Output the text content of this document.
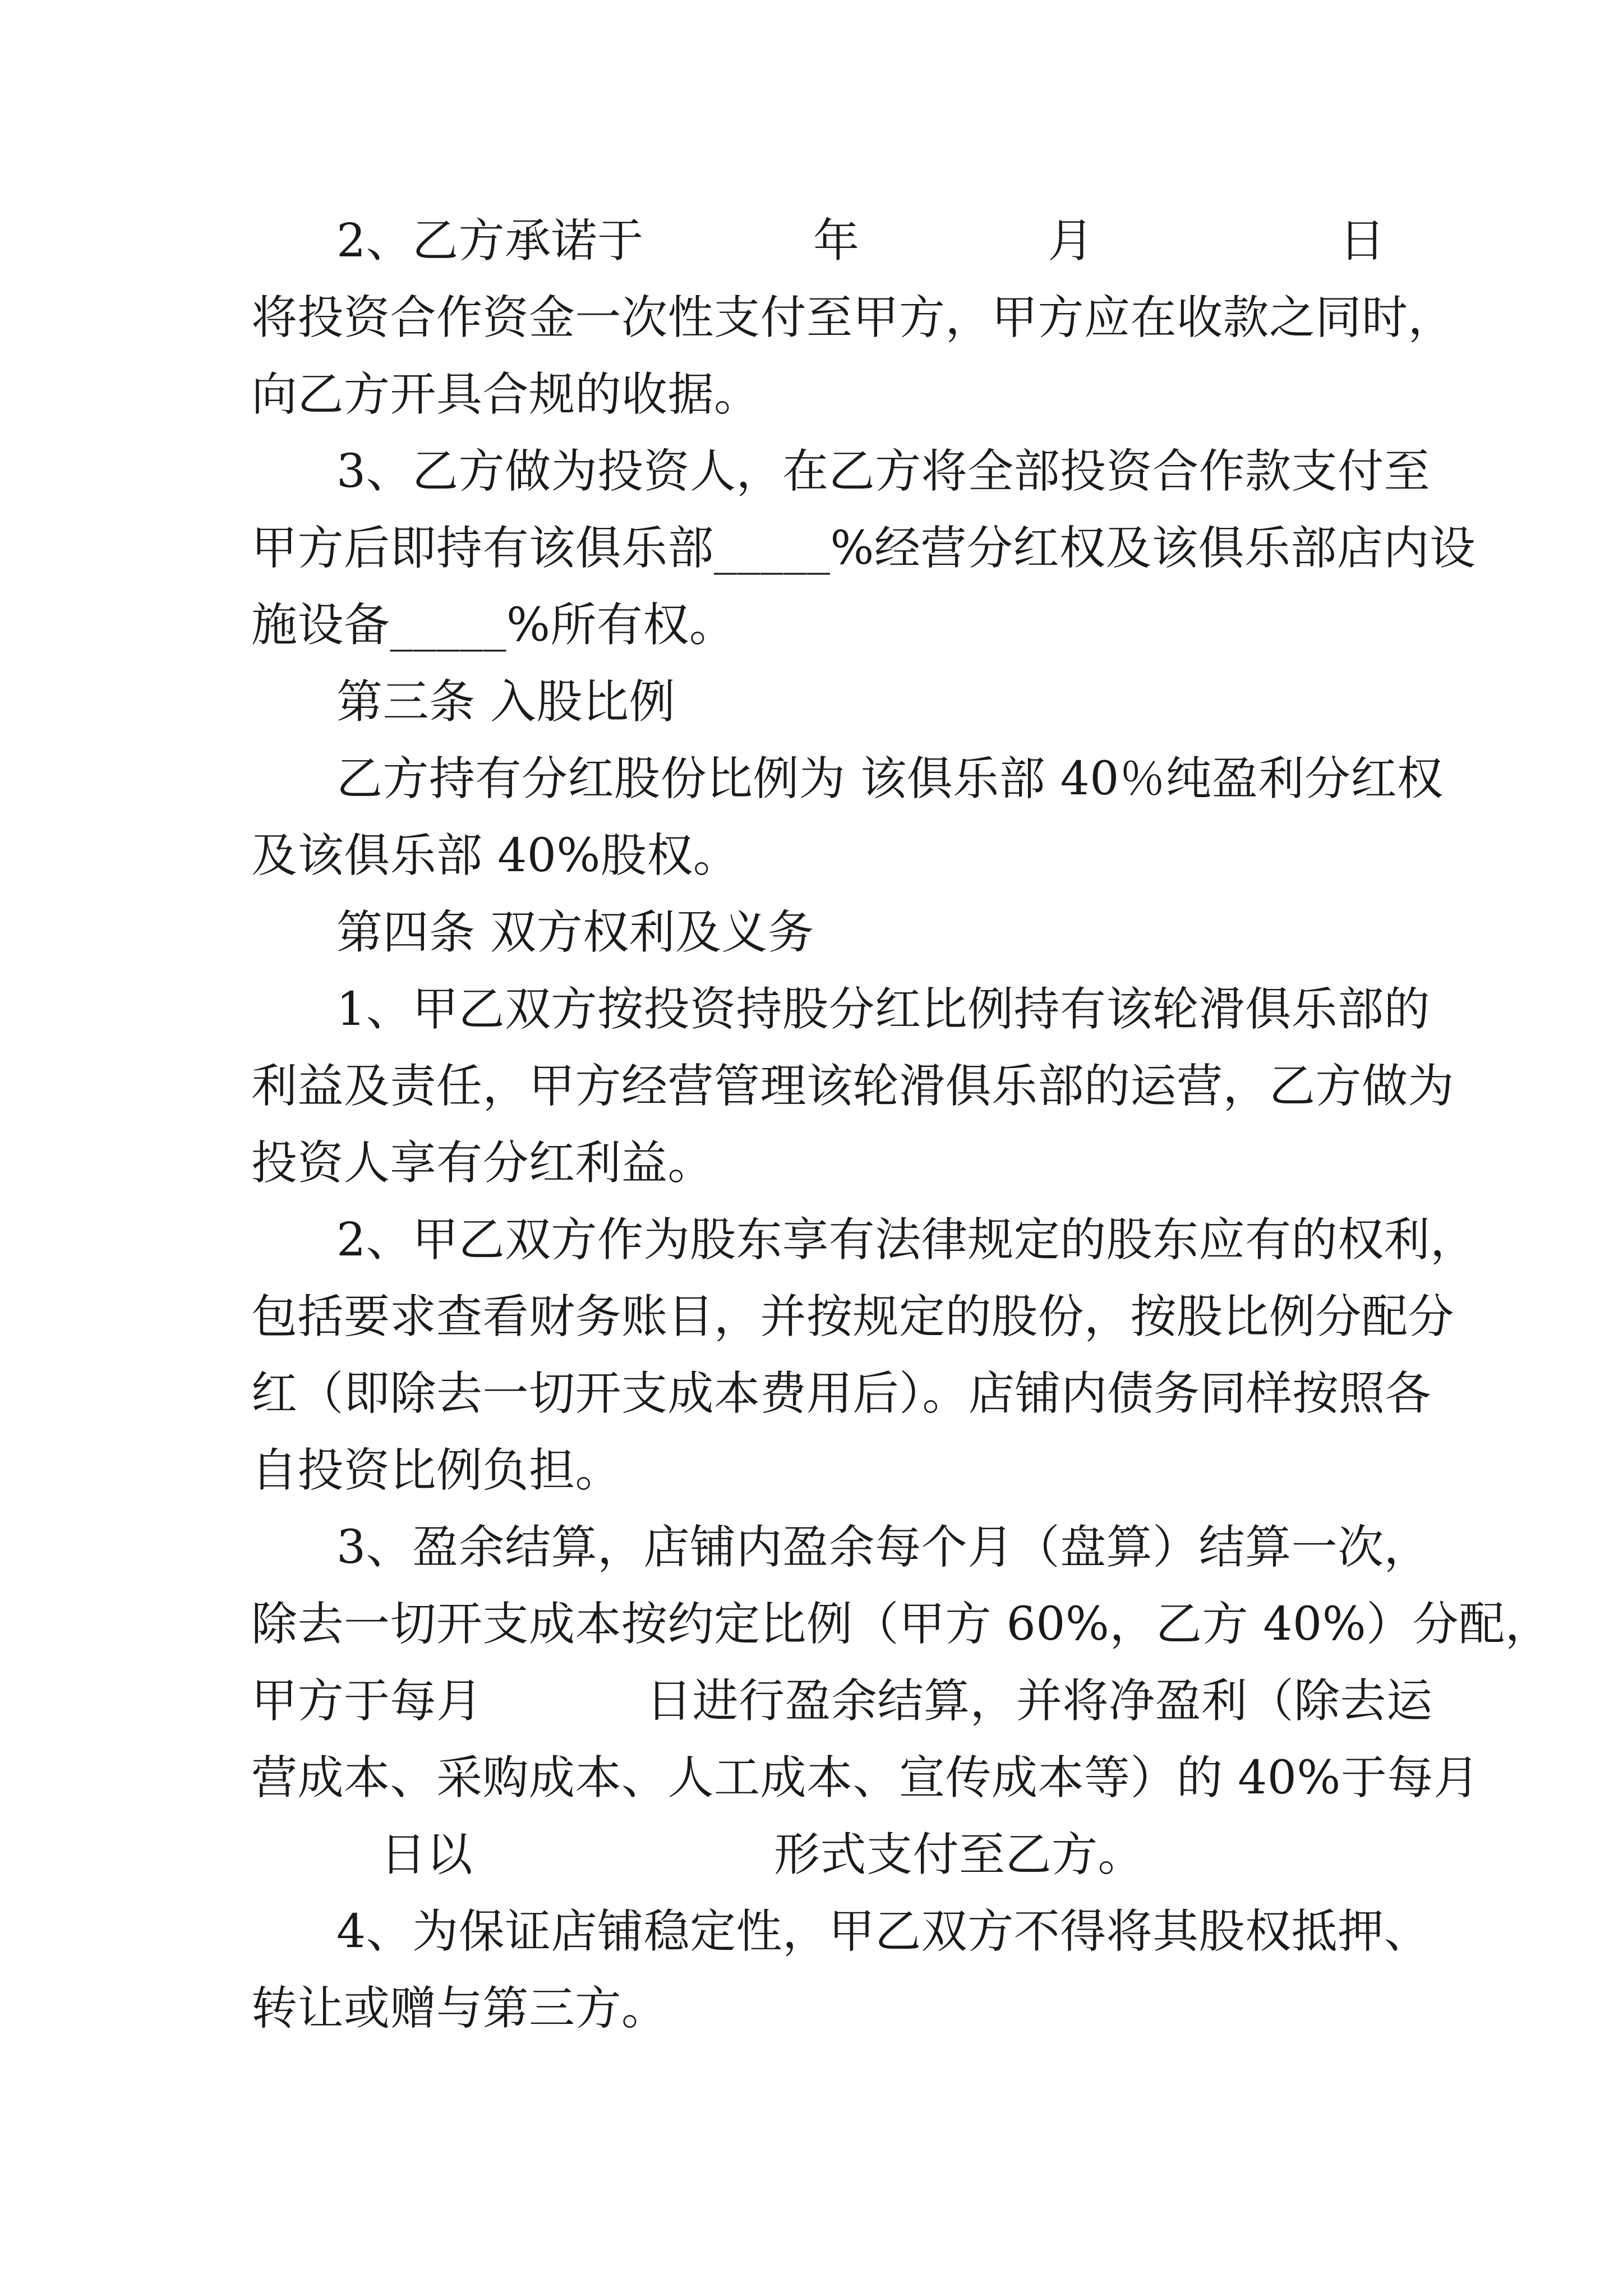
2、乙方承诺于	年	月	日
将投资合作资金一次性支付至甲方，甲方应在收款之同时，
向乙方开具合规的收据。
3、乙方做为投资人，在乙方将全部投资合作款支付至
甲方后即持有该俱乐部_____%经营分红权及该俱乐部店内设
施设备_____%所有权。
第三条 入股比例
乙方持有分红股份比例为 该俱乐部 40％纯盈利分红权
及该俱乐部 40%股权。
第四条 双方权利及义务
1、甲乙双方按投资持股分红比例持有该轮滑俱乐部的
利益及责任，甲方经营管理该轮滑俱乐部的运营，乙方做为
投资人享有分红利益。
2、甲乙双方作为股东享有法律规定的股东应有的权利，
包括要求查看财务账目，并按规定的股份，按股比例分配分
红（即除去一切开支成本费用后）。店铺内债务同样按照各
自投资比例负担。
3、盈余结算，店铺内盈余每个月（盘算）结算一次，
除去一切开支成本按约定比例（甲方 60%，乙方 40%）分配，
甲方于每月	日进行盈余结算，并将净盈利（除去运
营成本、采购成本、人工成本、宣传成本等）的 40%于每月
日以	形式支付至乙方。
4、为保证店铺稳定性，甲乙双方不得将其股权抵押、
转让或赠与第三方。
